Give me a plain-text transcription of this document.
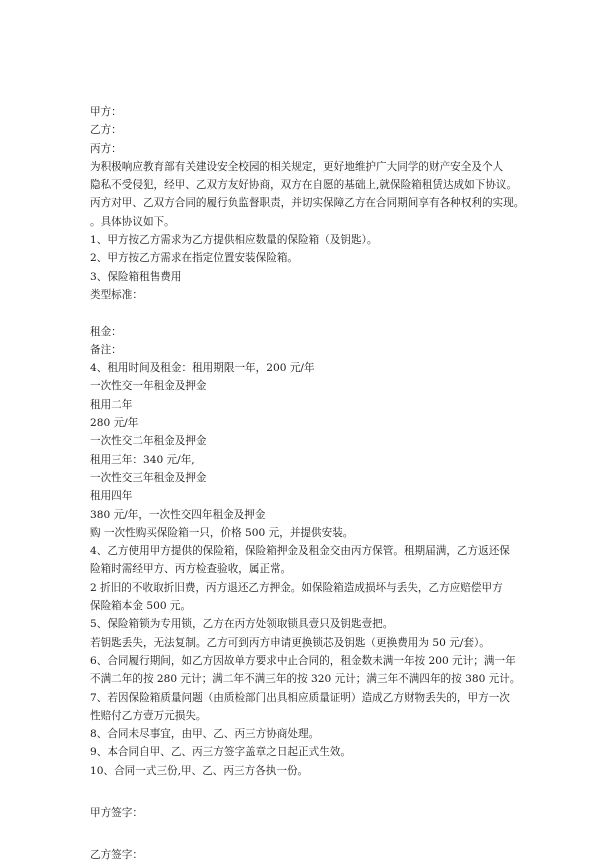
甲方：
乙方：
丙方：
为积极响应教育部有关建设安全校园的相关规定，更好地维护广大同学的财产安全及个人
隐私不受侵犯，经甲、乙双方友好协商，双方在自愿的基础上,就保险箱租赁达成如下协议。
丙方对甲、乙双方合同的履行负监督职责，并切实保障乙方在合同期间享有各种权利的实现。
。具体协议如下。
1、甲方按乙方需求为乙方提供相应数量的保险箱（及钥匙）。
2、甲方按乙方需求在指定位置安装保险箱。
3、保险箱租售费用
类型标准：
租金：
备注：
4、租用时间及租金：租用期限一年，200 元/年
一次性交一年租金及押金
租用二年
280 元/年
一次性交二年租金及押金
租用三年：340 元/年,
一次性交三年租金及押金
租用四年
380 元/年，一次性交四年租金及押金
购 一次性购买保险箱一只，价格 500 元，并提供安装。
4、乙方使用甲方提供的保险箱，保险箱押金及租金交由丙方保管。租期届满，乙方返还保
险箱时需经甲方、丙方检查验收，属正常。
2 折旧的不收取折旧费，丙方退还乙方押金。如保险箱造成损坏与丢失，乙方应赔偿甲方
保险箱本金 500 元。
5、保险箱锁为专用锁，乙方在丙方处领取锁具壹只及钥匙壹把。
若钥匙丢失，无法复制。乙方可到丙方申请更换锁芯及钥匙（更换费用为 50 元/套）。
6、合同履行期间，如乙方因故单方要求中止合同的，租金数未满一年按 200 元计；满一年
不满二年的按 280 元计；满二年不满三年的按 320 元计；满三年不满四年的按 380 元计。
7、若因保险箱质量问题（由质检部门出具相应质量证明）造成乙方财物丢失的，甲方一次
性赔付乙方壹万元损失。
8、合同未尽事宜，由甲、乙、丙三方协商处理。
9、本合同自甲、乙、丙三方签字盖章之日起正式生效。
10、合同一式三份,甲、乙、丙三方各执一份。
甲方签字：
乙方签字：
